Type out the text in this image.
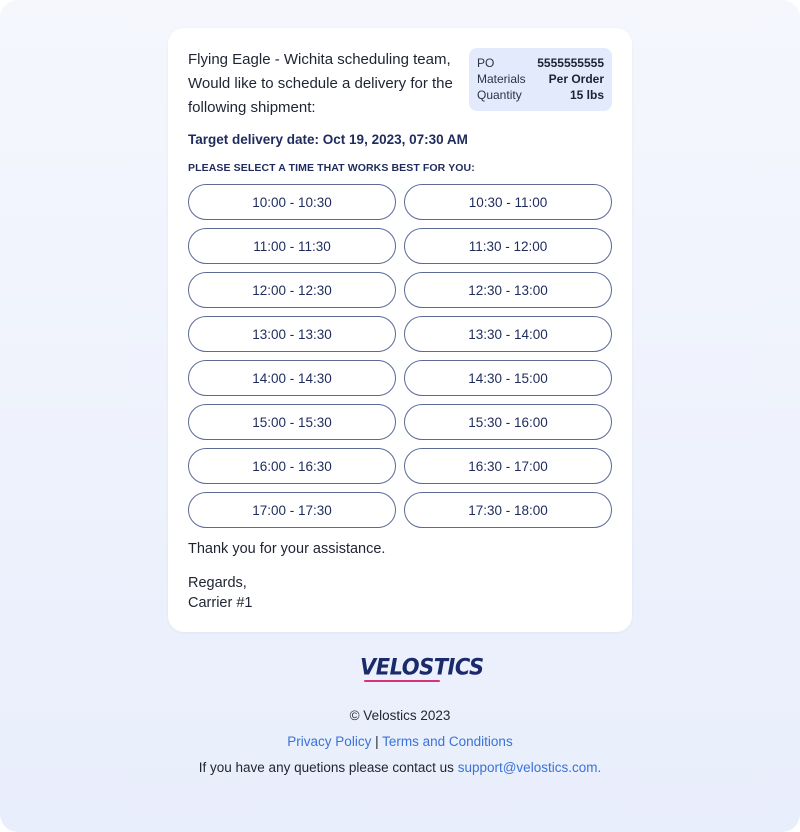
Flying Eagle - Wichita scheduling team,
Would like to schedule a delivery for the following shipment:
PO	5555555555
Materials Per Order
Quantity	15 lbs
Target delivery date: Oct 19, 2023, 07:30 AM
PLEASE SELECT A TIME THAT WORKS BEST FOR YOU:
10:00 - 10:30	10:30 - 11:00
11:00 - 11:30	11:30 - 12:00
12:00 - 12:30	12:30 - 13:00
13:00 - 13:30	13:30 - 14:00
14:00 - 14:30	14:30 - 15:00
15:00 - 15:30	15:30 - 16:00
16:00 - 16:30	16:30 - 17:00
17:00 - 17:30	17:30 - 18:00
Thank you for your assistance.
Regards,
Carrier #1
VELOSTICS
© Velostics 2023
Privacy Policy | Terms and Conditions
If you have any quetions please contact us support@velostics.com.
